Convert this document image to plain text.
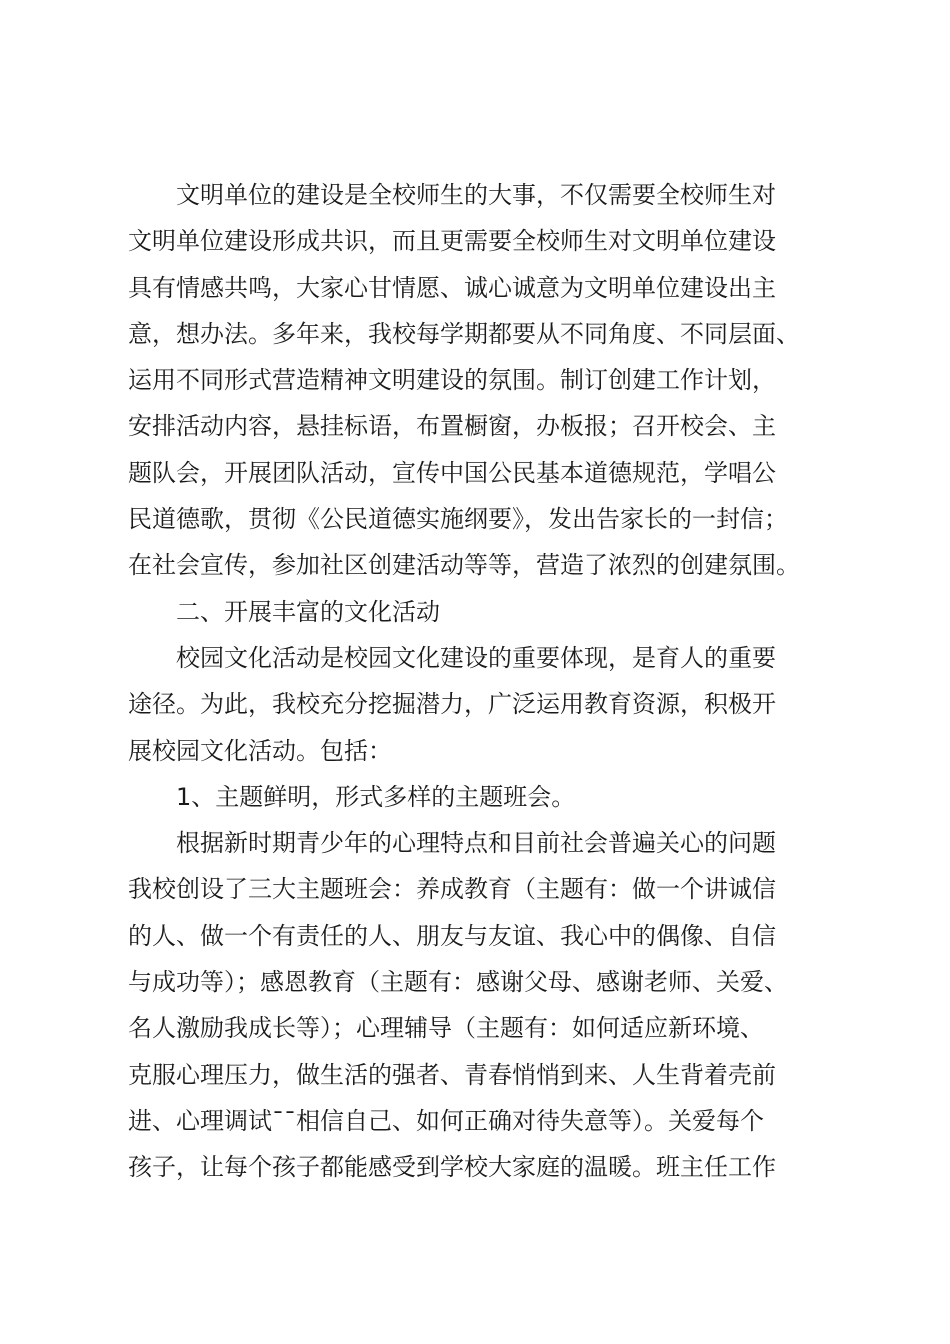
文明单位的建设是全校师生的大事，不仅需要全校师生对
文明单位建设形成共识，而且更需要全校师生对文明单位建设
具有情感共鸣，大家心甘情愿、诚心诚意为文明单位建设出主
意，想办法。多年来，我校每学期都要从不同角度、不同层面、
运用不同形式营造精神文明建设的氛围。制订创建工作计划，
安排活动内容，悬挂标语，布置橱窗，办板报；召开校会、主
题队会，开展团队活动，宣传中国公民基本道德规范，学唱公
民道德歌，贯彻《公民道德实施纲要》，发出告家长的一封信；
在社会宣传，参加社区创建活动等等，营造了浓烈的创建氛围。
二、开展丰富的文化活动
校园文化活动是校园文化建设的重要体现，是育人的重要
途径。为此，我校充分挖掘潜力，广泛运用教育资源，积极开
展校园文化活动。包括：
1、主题鲜明，形式多样的主题班会。
根据新时期青少年的心理特点和目前社会普遍关心的问题
我校创设了三大主题班会：养成教育（主题有：做一个讲诚信
的人、做一个有责任的人、朋友与友谊、我心中的偶像、自信
与成功等）；感恩教育（主题有：感谢父母、感谢老师、关爱、
名人激励我成长等）；心理辅导（主题有：如何适应新环境、
克服心理压力，做生活的强者、青春悄悄到来、人生背着壳前
进、心理调试¯¯相信自己、如何正确对待失意等）。关爱每个
孩子，让每个孩子都能感受到学校大家庭的温暖。班主任工作
